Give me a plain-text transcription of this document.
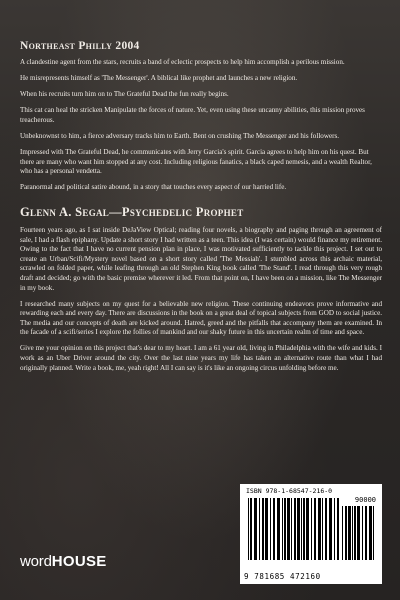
Northeast Philly 2004

A clandestine agent from the stars, recruits a band of eclectic prospects to help him accomplish a perilous mission.

He misrepresents himself as 'The Messenger'. A biblical like prophet and launches a new religion.

When his recruits turn him on to The Grateful Dead the fun really begins.

This cat can heal the stricken Manipulate the forces of nature. Yet, even using these uncanny abilities, this mission proves treacherous.

Unbeknownst to him, a fierce adversary tracks him to Earth. Bent on crushing The Messenger and his followers.

Impressed with The Grateful Dead, he communicates with Jerry Garcia's spirit. Garcia agrees to help him on his quest. But there are many who want him stopped at any cost. Including religious fanatics, a black caped nemesis, and a wealth Realtor, who has a personal vendetta.

Paranormal and political satire abound, in a story that touches every aspect of our harried life.

Glenn A. Segal—Psychedelic Prophet

Fourteen years ago, as I sat inside DeJaView Optical; reading four novels, a biography and paging through an agreement of sale, I had a flash epiphany. Update a short story I had written as a teen. This idea (I was certain) would finance my retirement. Owing to the fact that I have no current pension plan in place, I was motivated sufficiently to tackle this project. I set out to create an Urban/Scifi/Mystery novel based on a short story called 'The Messiah'. I stumbled across this archaic material, scrawled on folded paper, while leafing through an old Stephen King book called 'The Stand'. I read through this very rough draft and decided; go with the basic premise wherever it led. From that point on, I have been on a mission, like The Messenger in my book.

I researched many subjects on my quest for a believable new religion. These continuing endeavors prove informative and rewarding each and every day. There are discussions in the book on a great deal of topical subjects from GOD to social justice. The media and our concepts of death are kicked around. Hatred, greed and the pitfalls that accompany them are examined. In the facade of a scifi/series I explore the follies of mankind and our shaky future in this uncertain realm of time and space.

Give me your opinion on this project that's dear to my heart. I am a 61 year old, living in Philadelphia with the wife and kids. I work as an Uber Driver around the city. Over the last nine years my life has taken an alternative route than what I had originally planned. Write a book, me, yeah right! All I can say is it's like an ongoing circus unfolding before me.

wordHOUSE
ISBN 978-1-68547-216-0
90000
9 781685 472160
